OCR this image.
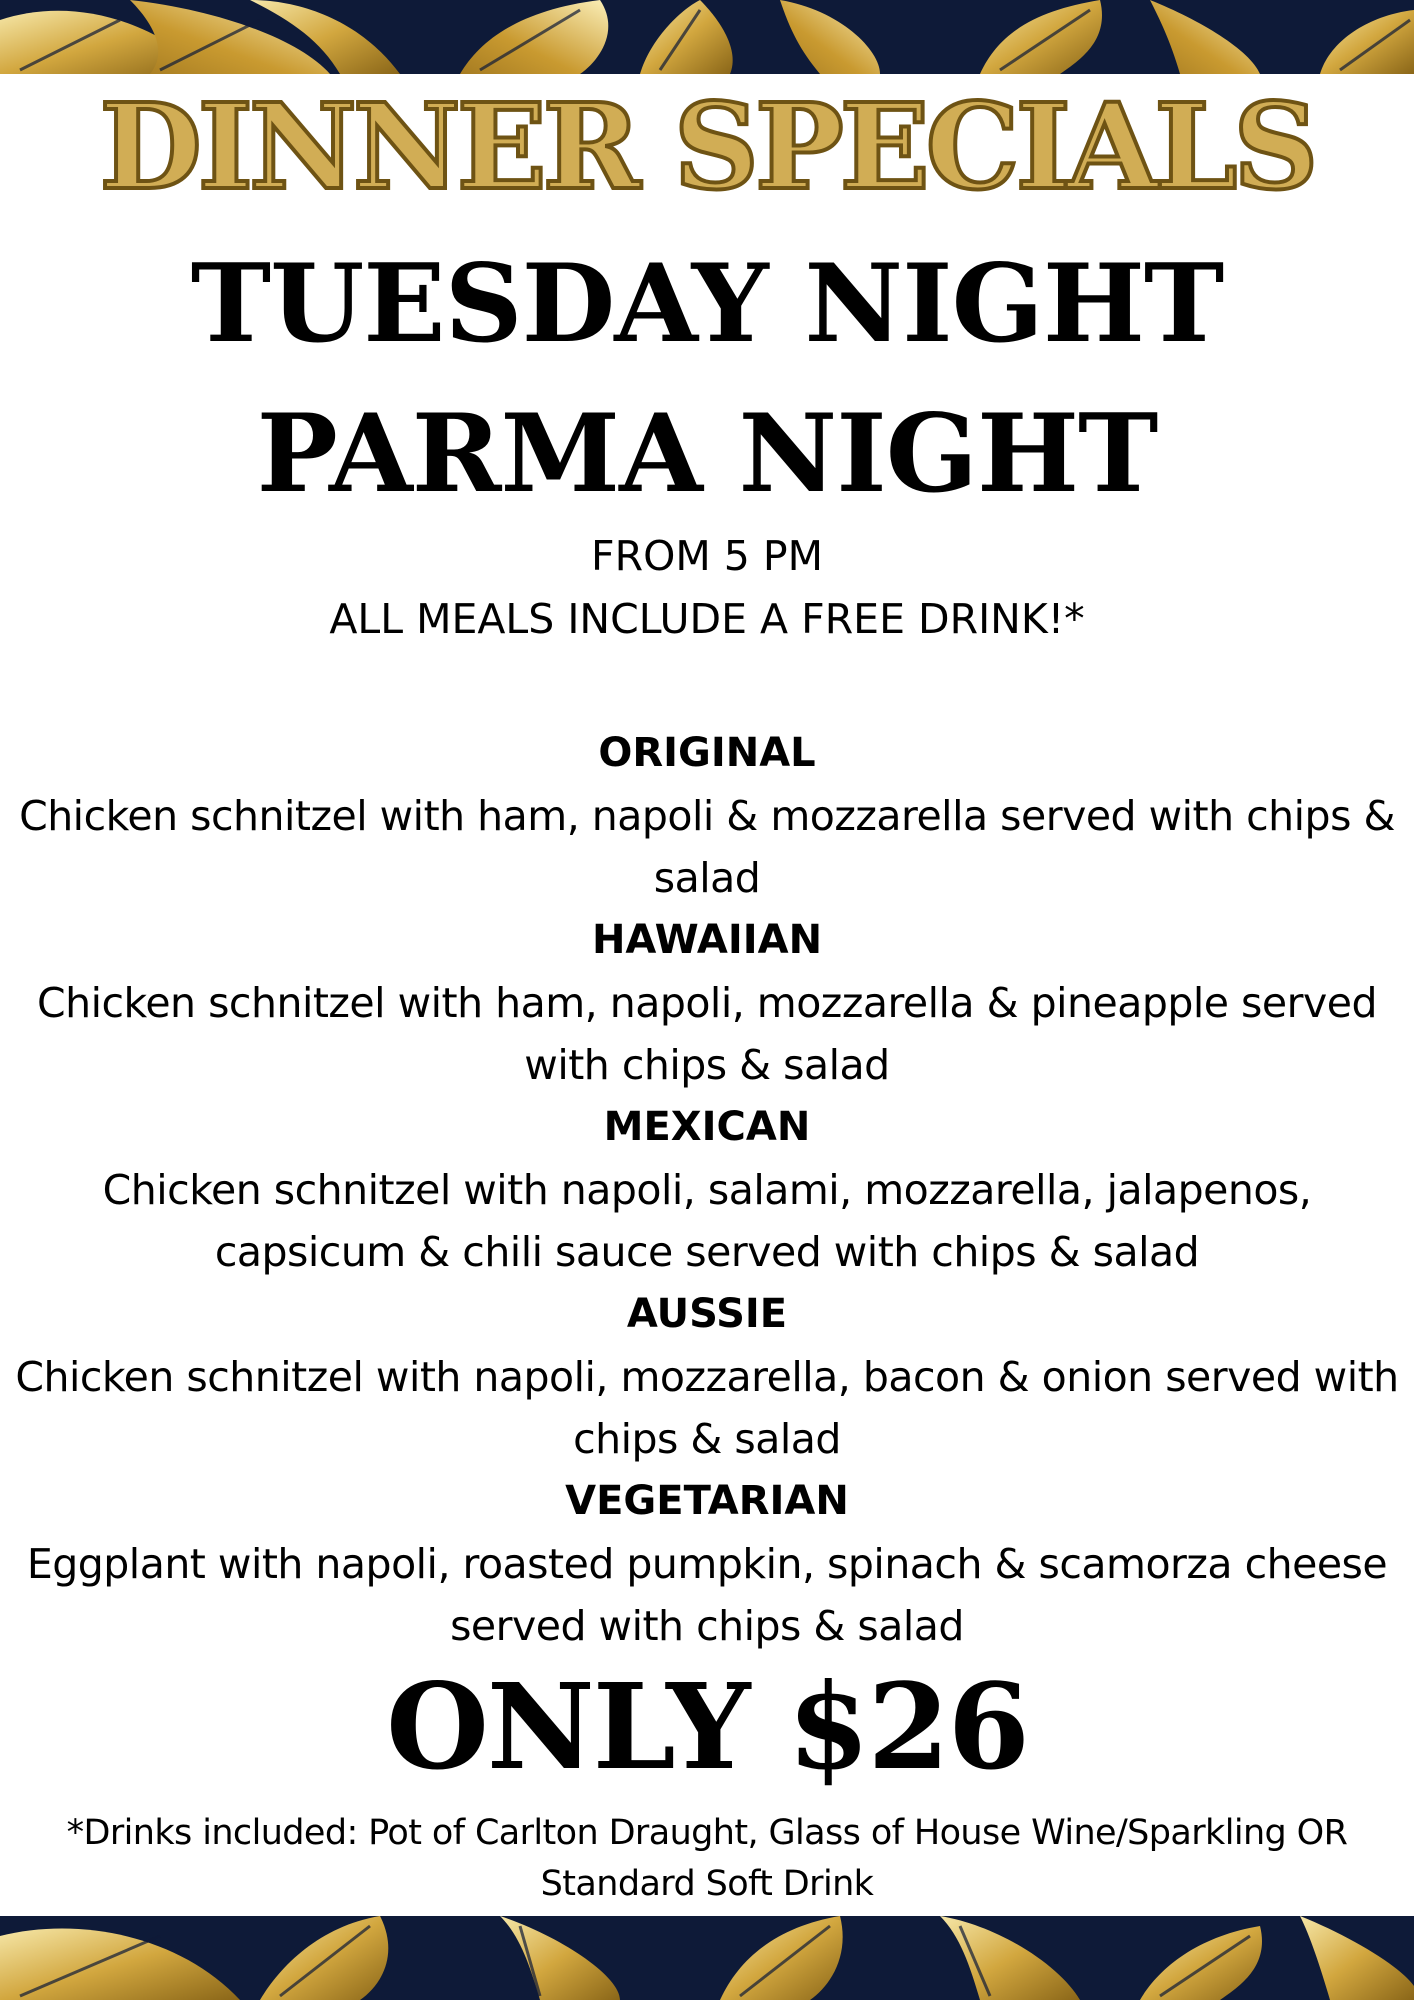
DINNER SPECIALS
TUESDAY NIGHT
PARMA NIGHT
FROM 5 PM
ALL MEALS INCLUDE A FREE DRINK!*
ORIGINAL
Chicken schnitzel with ham, napoli & mozzarella served with chips & salad
HAWAIIAN
Chicken schnitzel with ham, napoli, mozzarella & pineapple served with chips & salad
MEXICAN
Chicken schnitzel with napoli, salami, mozzarella, jalapenos, capsicum & chili sauce served with chips & salad
AUSSIE
Chicken schnitzel with napoli, mozzarella, bacon & onion served with chips & salad
VEGETARIAN
Eggplant with napoli, roasted pumpkin, spinach & scamorza cheese served with chips & salad
ONLY $26
*Drinks included: Pot of Carlton Draught, Glass of House Wine/Sparkling OR Standard Soft Drink
